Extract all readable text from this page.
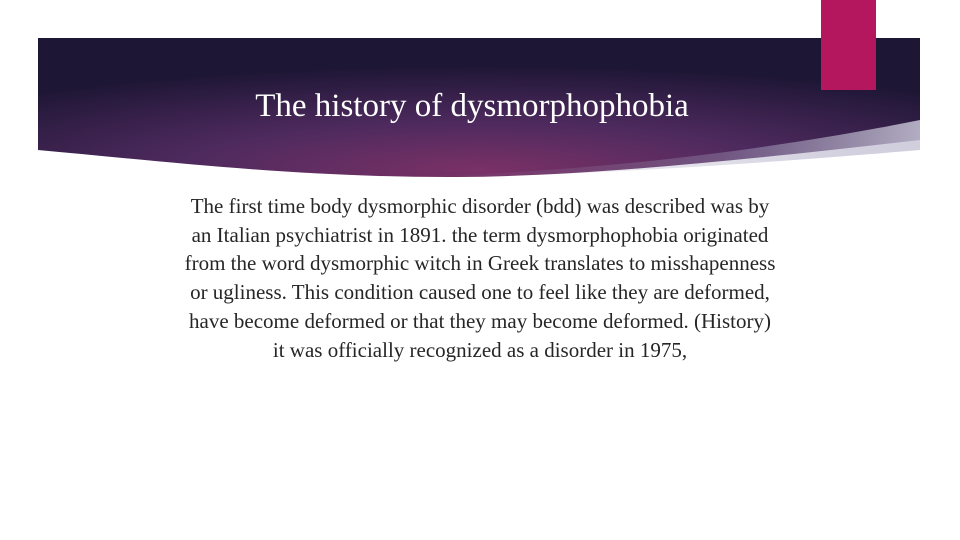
The history of dysmorphophobia

The first time body dysmorphic disorder (bdd) was described was by
an Italian psychiatrist in 1891. the term dysmorphophobia originated
from the word dysmorphic witch in Greek translates to misshapenness
or ugliness. This condition caused one to feel like they are deformed,
have become deformed or that they may become deformed. (History)
it was officially recognized as a disorder in 1975,
